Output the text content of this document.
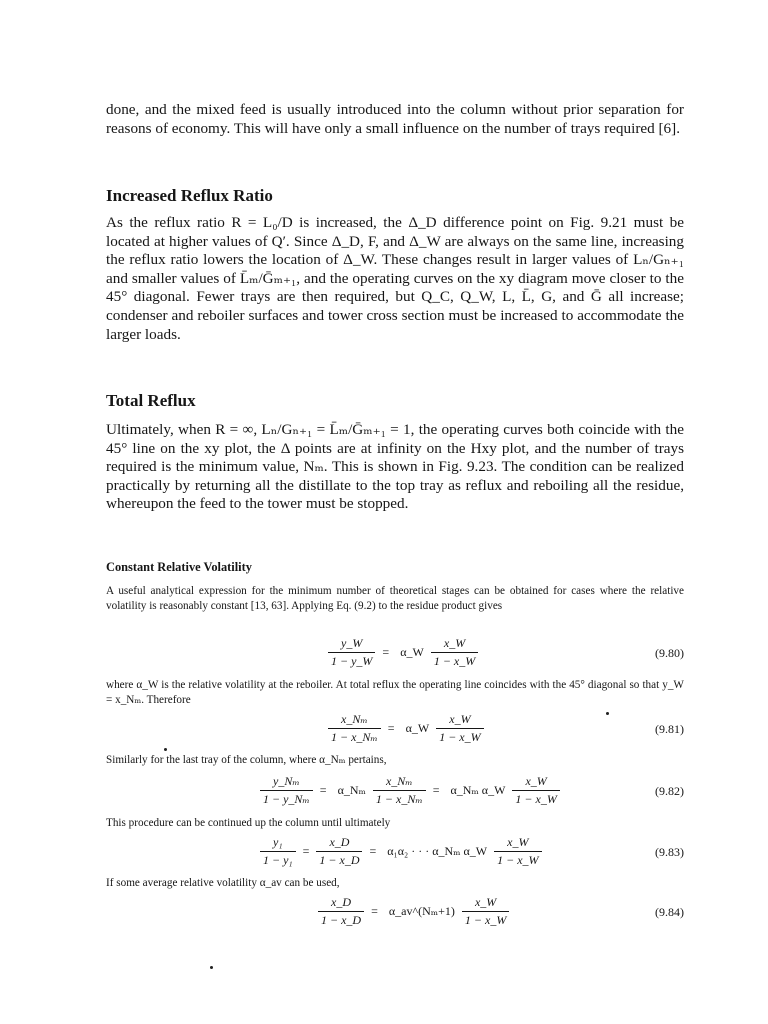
done, and the mixed feed is usually introduced into the column without prior separation for reasons of economy. This will have only a small influence on the number of trays required [6].

Increased Reflux Ratio

As the reflux ratio R = L₀/D is increased, the Δ_D difference point on Fig. 9.21 must be located at higher values of Q′. Since Δ_D, F, and Δ_W are always on the same line, increasing the reflux ratio lowers the location of Δ_W. These changes result in larger values of Lₙ/Gₙ₊₁ and smaller values of L̄ₘ/Ḡₘ₊₁, and the operating curves on the xy diagram move closer to the 45° diagonal. Fewer trays are then required, but Q_C, Q_W, L, L̄, G, and Ḡ all increase; condenser and reboiler surfaces and tower cross section must be increased to accommodate the larger loads.

Total Reflux

Ultimately, when R = ∞, Lₙ/Gₙ₊₁ = L̄ₘ/Ḡₘ₊₁ = 1, the operating curves both coincide with the 45° line on the xy plot, the Δ points are at infinity on the Hxy plot, and the number of trays required is the minimum value, Nₘ. This is shown in Fig. 9.23. The condition can be realized practically by returning all the distillate to the top tray as reflux and reboiling all the residue, whereupon the feed to the tower must be stopped.

Constant Relative Volatility

A useful analytical expression for the minimum number of theoretical stages can be obtained for cases where the relative volatility is reasonably constant [13, 63]. Applying Eq. (9.2) to the residue product gives

$\frac{y\_W}{1 - y\_W}$ = α_W $\frac{x\_W}{1 - x\_W}$	(9.80)

where α_W is the relative volatility at the reboiler. At total reflux the operating line coincides with the 45° diagonal so that y_W = x_Nₘ. Therefore

$\frac{\text{x\_Nₘ}}{\text{1 − x\_Nₘ}}$ = α_W $\frac{x\_W}{1 - x\_W}$	(9.81)

Similarly for the last tray of the column, where α_Nₘ pertains,

$\frac{\text{y\_Nₘ}}{\text{1 − y\_Nₘ}}$ = α_Nₘ $\frac{\text{x\_Nₘ}}{\text{1 − x\_Nₘ}}$ = α_Nₘ α_W $\frac{x\_W}{1 - x\_W}$	(9.82)

This procedure can be continued up the column until ultimately

$\frac{\text{y₁}}{\text{1 − y₁}} = \frac{x\_D}{1 - x\_D} = \alpha_1\alpha_2$ · · · α_Nₘ α_W $\frac{x\_W}{1 - x\_W}$	(9.83)

If some average relative volatility α_av can be used,

$\frac{x\_D}{1 - x\_D}$ = α_av^(Nₘ+1) $\frac{x\_W}{1 - x\_W}$	(9.84)
